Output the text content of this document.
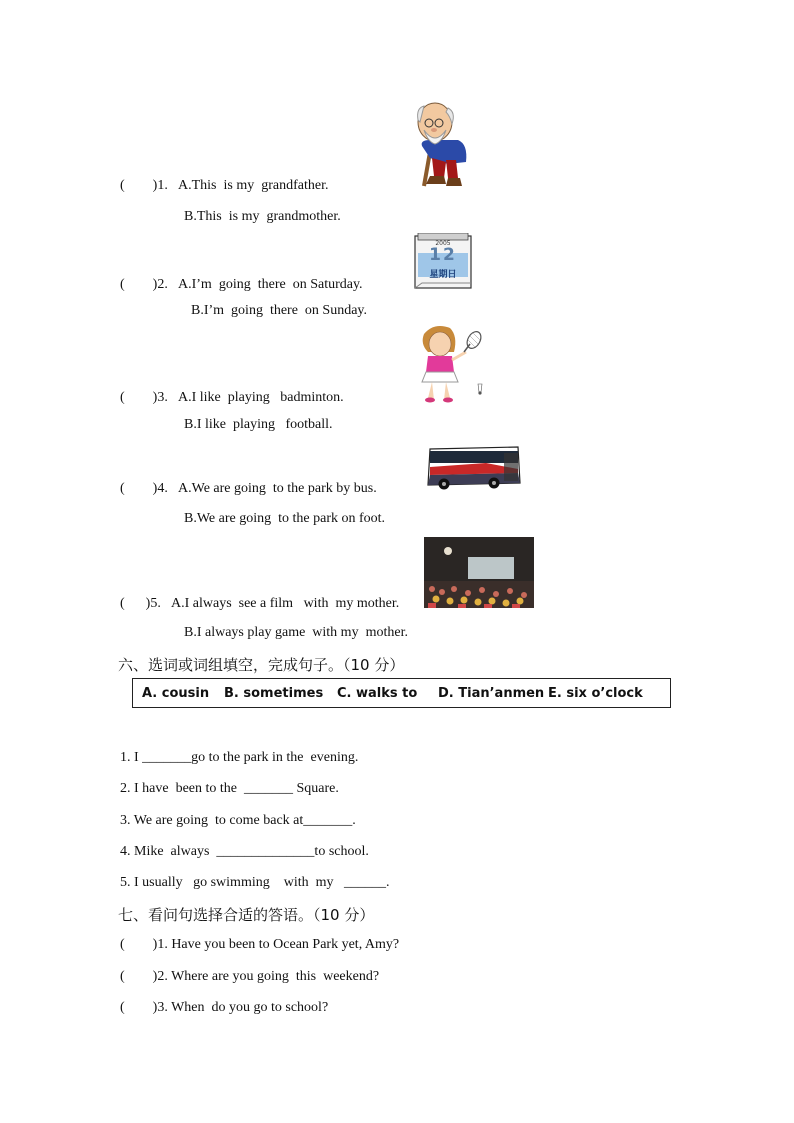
(        )1. A.This  is my  grandfather.
B.This  is my  grandmother.
(        )2. A.I’m  going  there  on Saturday.
B.I’m  going  there  on Sunday.
(        )3. A.I like  playing   badminton.
B.I like  playing   football.
(        )4. A.We are going  to the park by bus.
B.We are going  to the park on foot.
(      )5. A.I always  see a film   with  my mother.
B.I always play game  with my  mother.
2005
12
星期日
六、选词或词组填空，完成句子。（10 分）
A. cousin B. sometimes C. walks to D. Tian’anmen E. six o’clock
1. I _______go to the park in the  evening.
2. I have  been to the  _______ Square.
3. We are going  to come back at_______.
4. Mike  always  ______________to school.
5. I usually   go swimming    with  my   ______.
七、看问句选择合适的答语。（10 分）
(        )1. Have you been to Ocean Park yet, Amy?
(        )2. Where are you going  this  weekend?
(        )3. When  do you go to school?
